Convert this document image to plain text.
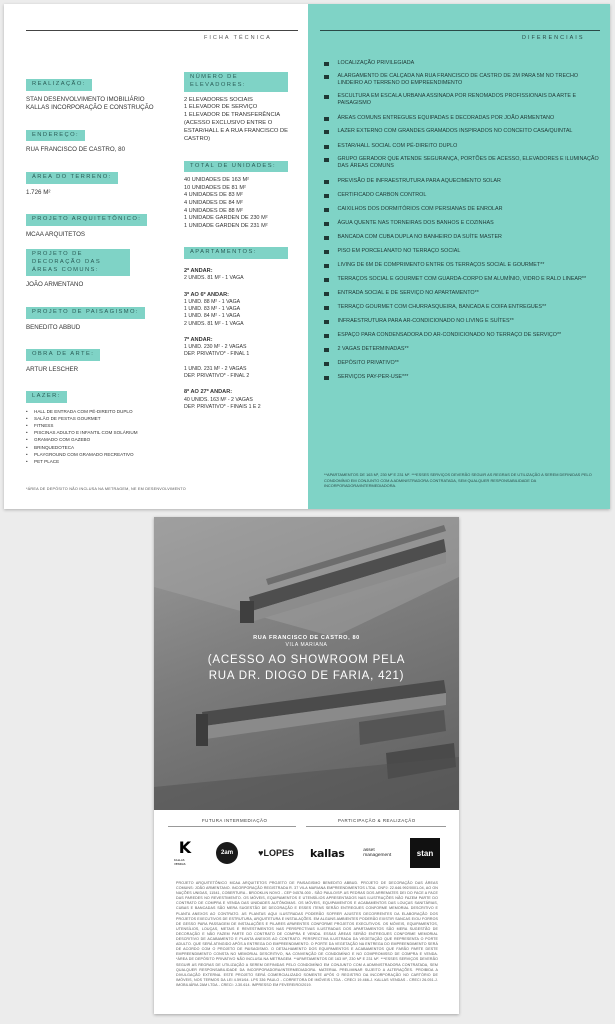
FICHA TÉCNICA
REALIZAÇÃO:
STAN DESENVOLVIMENTO IMOBILIÁRIO
KALLAS INCORPORAÇÃO E CONSTRUÇÃO
ENDEREÇO:
RUA FRANCISCO DE CASTRO, 80
ÁREA DO TERRENO:
1.726 M²
PROJETO ARQUITETÔNICO:
MCAA ARQUITETOS
PROJETO DE DECORAÇÃO DAS ÁREAS COMUNS:
JOÃO ARMENTANO
PROJETO DE PAISAGISMO:
BENEDITO ABBUD
OBRA DE ARTE:
ARTUR LESCHER
LAZER:
• HALL DE ENTRADA COM PÉ-DIREITO DUPLO
• SALÃO DE FESTAS GOURMET
• FITNESS
• PISCINAS ADULTO E INFANTIL COM SOLÁRIUM
• GRAMADO COM GAZEBO
• BRINQUEDOTECA
• PLAYGROUND COM GRAMADO RECREATIVO
• PET PLACE
NÚMERO DE ELEVADORES:
2 ELEVADORES SOCIAIS
1 ELEVADOR DE SERVIÇO
1 ELEVADOR DE TRANSFERÊNCIA (ACESSO EXCLUSIVO ENTRE O ESTAR/HALL E A RUA FRANCISCO DE CASTRO)
TOTAL DE UNIDADES:
40 UNIDADES DE 163 M²
10 UNIDADES DE 81 M²
4 UNIDADES DE 83 M²
4 UNIDADES DE 84 M²
4 UNIDADES DE 88 M²
1 UNIDADE GARDEN DE 230 M²
1 UNIDADE GARDEN DE 231 M²
APARTAMENTOS:
2º ANDAR:
2 UNIDS. 81 M² - 1 VAGA
3º AO 6º ANDAR:
1 UNID. 88 M² - 1 VAGA
1 UNID. 83 M² - 1 VAGA
1 UNID. 84 M² - 1 VAGA
2 UNIDS. 81 M² - 1 VAGA
7º ANDAR:
1 UNID. 230 M² - 2 VAGAS
DEP. PRIVATIVO* - FINAL 1
1 UNID. 231 M² - 2 VAGAS
DEP. PRIVATIVO* - FINAL 2
8º AO 27º ANDAR:
40 UNIDS. 163 M² - 2 VAGAS
DEP. PRIVATIVO* - FINAIS 1 E 2
*ÁREA DE DEPÓSITO NÃO INCLUSA NA METRAGEM, NE EM DESENVOLVIMENTO
DIFERENCIAIS
LOCALIZAÇÃO PRIVILEGIADA
ALARGAMENTO DE CALÇADA NA RUA FRANCISCO DE CASTRO DE 2M PARA 5M NO TRECHO LINDEIRO AO TERRENO DO EMPREENDIMENTO
ESCULTURA EM ESCALA URBANA ASSINADA POR RENOMADOS PROFISSIONAIS DA ARTE E PAISAGISMO
ÁREAS COMUNS ENTREGUES EQUIPADAS E DECORADAS POR JOÃO ARMENTANO
LAZER EXTERNO COM GRANDES GRAMADOS INSPIRADOS NO CONCEITO CASA/QUINTAL
ESTAR/HALL SOCIAL COM PÉ-DIREITO DUPLO
GRUPO GERADOR QUE ATENDE SEGURANÇA, PORTÕES DE ACESSO, ELEVADORES E ILUMINAÇÃO DAS ÁREAS COMUNS
PREVISÃO DE INFRAESTRUTURA PARA AQUECIMENTO SOLAR
CERTIFICADO CARBON CONTROL
CAIXILHOS DOS DORMITÓRIOS COM PERSIANAS DE ENROLAR
ÁGUA QUENTE NAS TORNEIRAS DOS BANHOS E COZINHAS
BANCADA COM CUBA DUPLA NO BANHEIRO DA SUÍTE MASTER
PISO EM PORCELANATO NO TERRAÇO SOCIAL
LIVING DE 6M DE COMPRIMENTO ENTRE OS TERRAÇOS SOCIAL E GOURMET**
TERRAÇOS SOCIAL E GOURMET COM GUARDA-CORPO EM ALUMÍNIO, VIDRO E RALO LINEAR**
ENTRADA SOCIAL E DE SERVIÇO NO APARTAMENTO**
TERRAÇO GOURMET COM CHURRASQUEIRA, BANCADA E COIFA ENTREGUES**
INFRAESTRUTURA PARA AR-CONDICIONADO NO LIVING E SUÍTES**
ESPAÇO PARA CONDENSADORA DO AR-CONDICIONADO NO TERRAÇO DE SERVIÇO**
2 VAGAS DETERMINADAS**
DEPÓSITO PRIVATIVO**
SERVIÇOS PAY-PER-USE***
**APARTAMENTOS DE 163 M², 230 M² E 231 M². ***ESSES SERVIÇOS DEVERÃO SEGUIR AS REGRAS DE UTILIZAÇÃO A SEREM DEFINIDAS PELO CONDOMÍNIO EM CONJUNTO COM A ADMINISTRADORA CONTRATADA, SEM QUALQUER RESPONSABILIDADE DA INCORPORADORA/INTERMEDIADORA.
RUA FRANCISCO DE CASTRO, 80
VILA MARIANA
(ACESSO AO SHOWROOM PELA
RUA DR. DIOGO DE FARIA, 421)
FUTURA INTERMEDIAÇÃO	PARTICIPAÇÃO & REALIZAÇÃO
K
KALLAS VENDAS
2am	♥LOPES kallas	asset
management	stan
PROJETO ARQUITETÔNICO MCAA ARQUITETOS PROJETO DE PAISAGISMO BENEDITO ABBUD. PROJETO DE DECORAÇÃO DAS ÁREAS COMUNS: JOÃO ARMENTANO. INCORPORAÇÃO REGISTRADA R. 37 VILA MARIANA EMPREENDIMENTOS LTDA. CNPJ: 22.646.992/0001-04, AO ON NAÇÕES UNIDAS, 11541, COBERTURA - BROOKLIN NOVO - CEP 04578-000 - SÃO PAULO/SP. AS PEDRAS DOS ARREMATES DEI DO FACE A FACE DAS PAREDES NO REVESTIMENTO. OS MÓVEIS, EQUIPAMENTOS E UTENSÍLIOS APRESENTADOS NAS ILUSTRAÇÕES NÃO FAZEM PARTE DO CONTRATO DE COMPRA E VENDA DAS UNIDADES AUTÔNOMAS. OS MÓVEIS, EQUIPAMENTOS E ACABAMENTOS DAS LOUÇAS SANITÁRIAS, CUBAS E BANCADAS SÃO MERA SUGESTÃO DE DECORAÇÃO E ESSES ITENS SERÃO ENTREGUES CONFORME MEMORIAL DESCRITIVO E PLANTA ANEXOS AO CONTRATO. AS PLANTAS AQUI ILUSTRADAS PODERÃO SOFRER AJUSTES DECORRENTES DA ELABORAÇÃO DOS PROJETOS EXECUTIVOS DE ESTRUTURA, ARQUITETURA E INSTALAÇÕES. EM ALGUNS AMBIENTES PODERÃO EXISTIR SANCAS E/OU FORROS DE GESSO PARA PASSAGEM DE INSTALAÇÕES E PILARES APARENTES CONFORME PROJETOS EXECUTIVOS. OS MÓVEIS, EQUIPAMENTOS, UTENSÍLIOS, LOUÇAS, METAIS E REVESTIMENTOS NAS PERSPECTIVAS ILUSTRADAS DOS APARTAMENTOS SÃO MERA SUGESTÃO DE DECORAÇÃO E NÃO FAZEM PARTE DO CONTRATO DE COMPRA E VENDA. ESSAS ÁREAS SERÃO ENTREGUES CONFORME MEMORIAL DESCRITIVO DE ACABAMENTO E PLANTA ANEXOS AO CONTRATO. PERSPECTIVA ILUSTRADA DA VEGETAÇÃO QUE REPRESENTA O PORTE ADULTO. QUE SERÁ ATINGIDO APÓS A ENTREGA DO EMPREENDIMENTO. O PORTE DA VEGETAÇÃO NA ENTREGA DO EMPREENDIMENTO SERÁ DE ACORDO COM O PROJETO DE PAISAGISMO. O DETALHAMENTO DOS EQUIPAMENTOS E ACABAMENTOS QUE FARÃO PARTE DESTE EMPREENDIMENTO CONSTA NO MEMORIAL DESCRITIVO, NA CONVENÇÃO DE CONDOMÍNIO E NO COMPROMISSO DE COMPRA E VENDA. *ÁREA DE DEPÓSITO PRIVATIVO NÃO INCLUSA NA METRAGEM. **APARTAMENTOS DE 163 M², 230 M² E 231 M². ***ESSES SERVIÇOS DEVERÃO SEGUIR AS REGRAS DE UTILIZAÇÃO A SEREM DEFINIDAS PELO CONDOMÍNIO EM CONJUNTO COM A ADMINISTRADORA CONTRATADA, SEM QUALQUER RESPONSABILIDADE DA INCORPORADORA/INTERMEDIADORA. MATERIAL PRELIMINAR SUJEITO A ALTERAÇÕES. PROIBIDA A DIVULGAÇÃO EXTERNA. ESTE PROJETO SERÁ COMERCIALIZADO SOMENTE APÓS O REGISTRO DA INCORPORAÇÃO NO CARTÓRIO DE IMÓVEIS, NOS TERMOS DA LEI 4.591/64. LPS 336 PAULO - CORRETORA DE IMÓVEIS LTDA - CRECI 19.466-J. KALLAS VENDAS - CRECI 26.051-J. IMOBILIÁRIA 2AM LTDA - CRECI: J-30.614. IMPRESSO EM FEVEREIRO/2019.
